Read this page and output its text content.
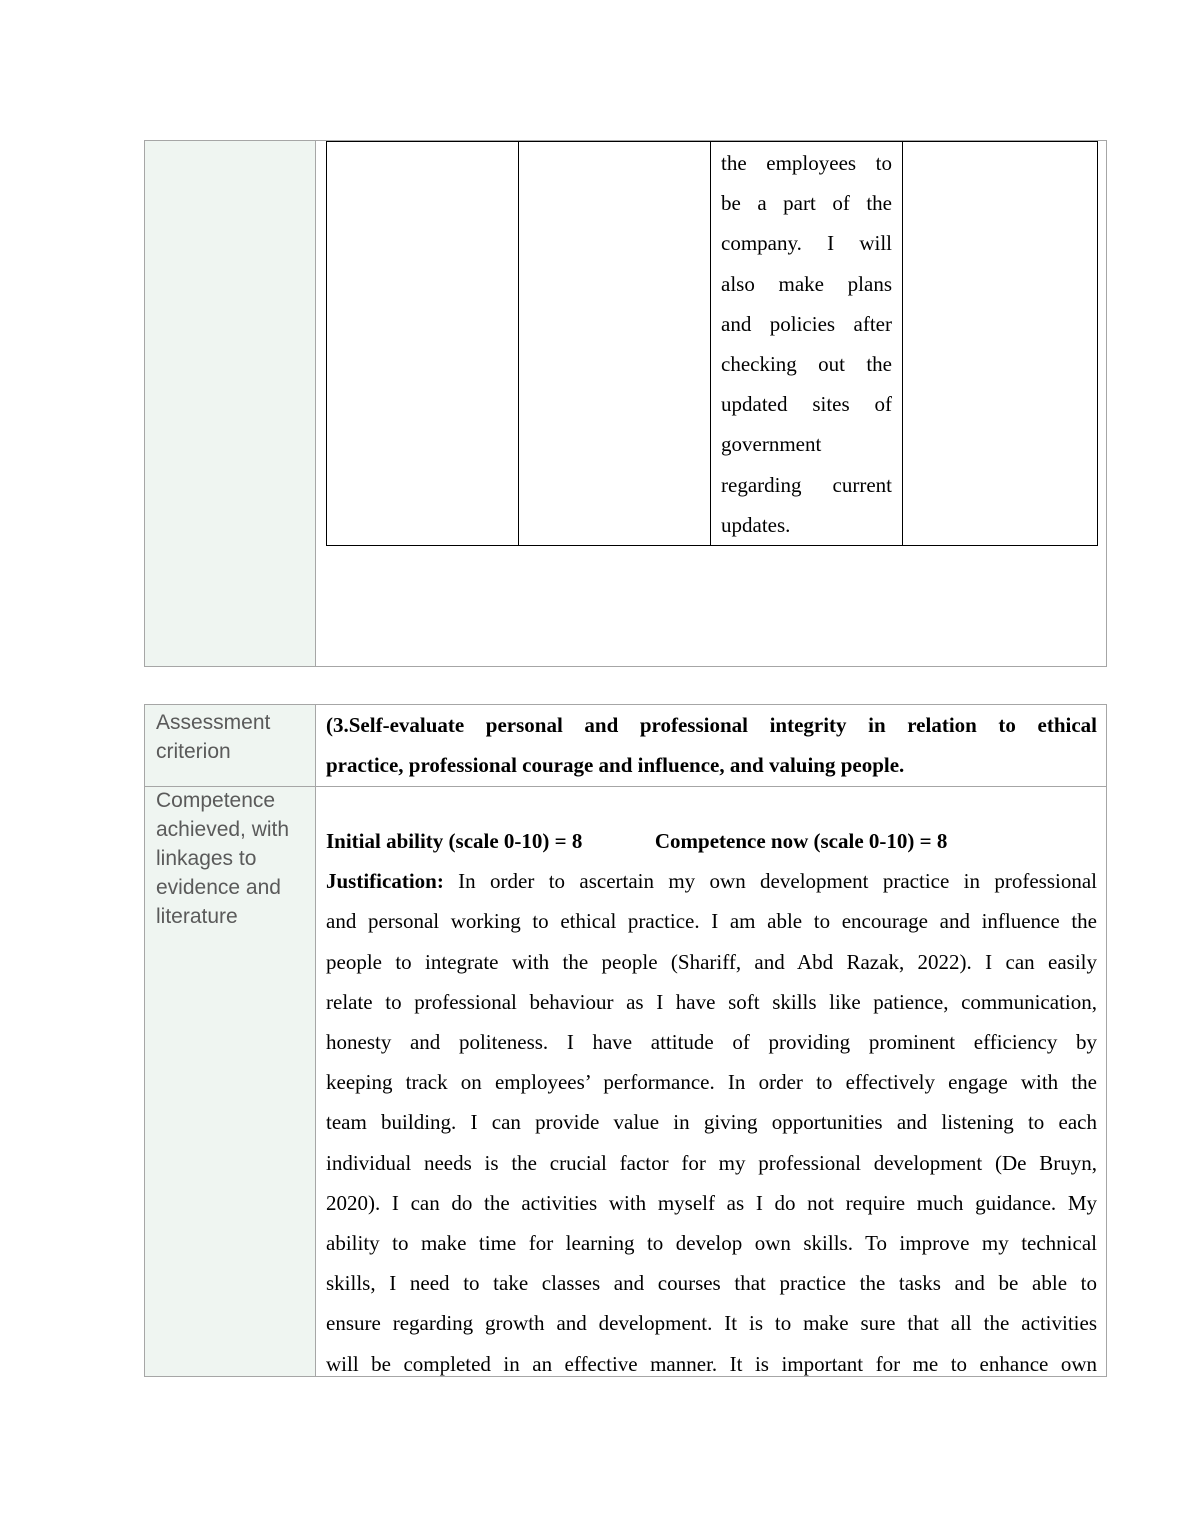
the employees to
be a part of the
company. I will
also make plans
and policies after
checking out the
updated sites of
government
regarding current
updates.
Assessment criterion
Competence achieved, with linkages to evidence and literature
(3.Self-evaluate personal and professional integrity in relation to ethical
practice, professional courage and influence, and valuing people.
Initial ability (scale 0-10) = 8	Competence now (scale 0-10) = 8
Justification: In order to ascertain my own development practice in professional
and personal working to ethical practice. I am able to encourage and influence the
people to integrate with the people (Shariff, and Abd Razak, 2022). I can easily
relate to professional behaviour as I have soft skills like patience, communication,
honesty and politeness. I have attitude of providing prominent efficiency by
keeping track on employees’ performance. In order to effectively engage with the
team building. I can provide value in giving opportunities and listening to each
individual needs is the crucial factor for my professional development (De Bruyn,
2020). I can do the activities with myself as I do not require much guidance. My
ability to make time for learning to develop own skills. To improve my technical
skills, I need to take classes and courses that practice the tasks and be able to
ensure regarding growth and development. It is to make sure that all the activities
will be completed in an effective manner. It is important for me to enhance own
